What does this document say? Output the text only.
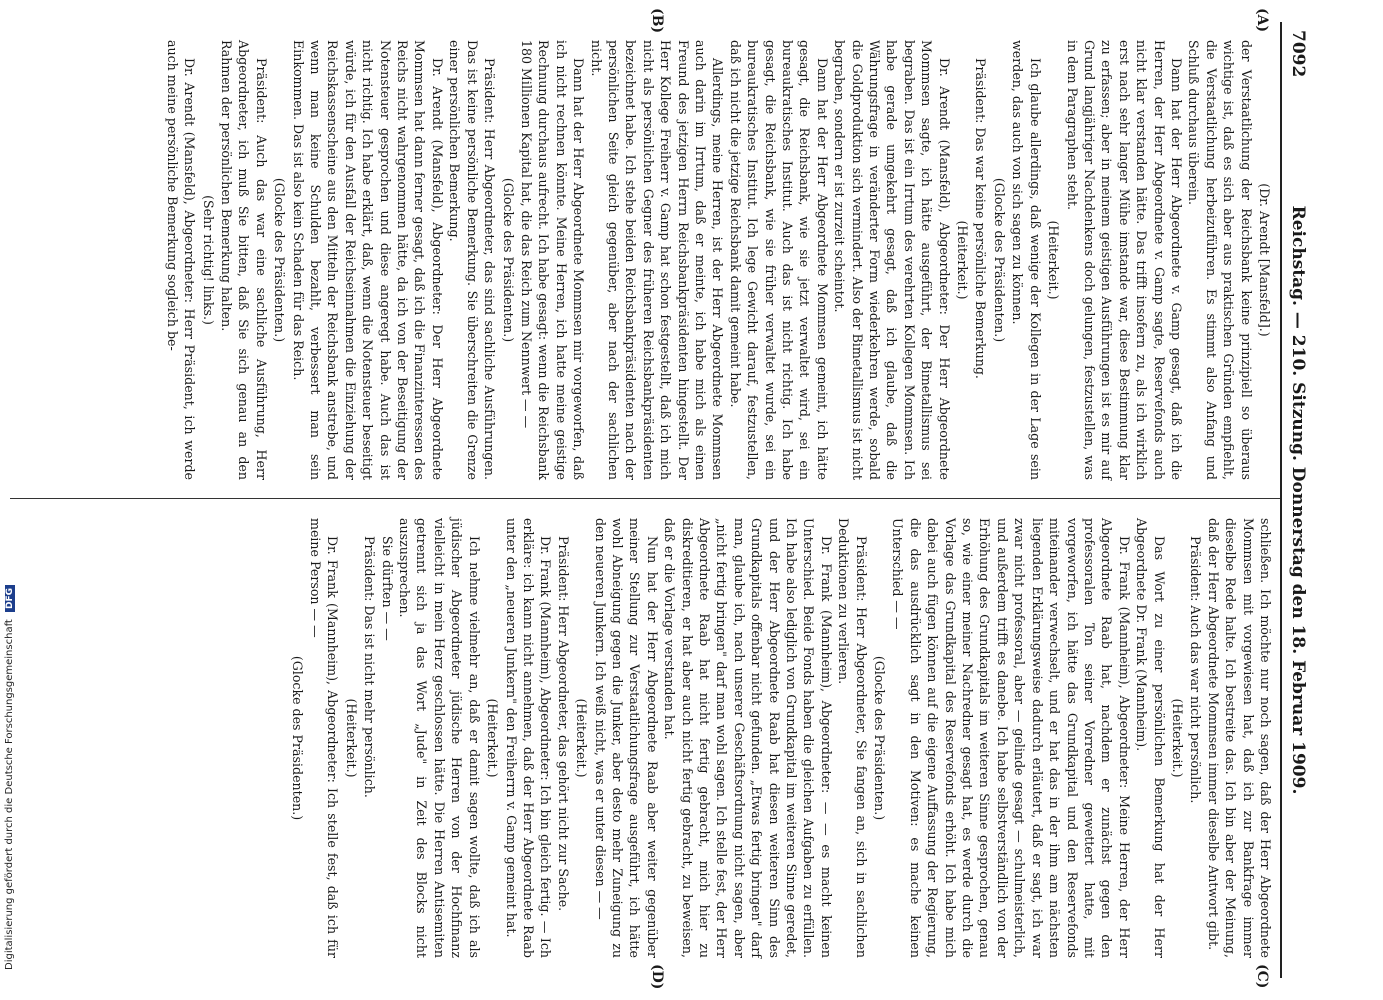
7092
Reichstag. — 210. Sitzung. Donnerstag den 18. Februar 1909.
(A)
(B)
(C)
(D)

(Dr. Arendt [Mansfeld].)

der Verstaatlichung der Reichsbank keine prinzipiell so überaus wichtige ist, daß es sich aber aus praktischen Gründen empfiehlt, die Verstaatlichung herbeizuführen. Es stimmt also Anfang und Schluß durchaus überein.

Dann hat der Herr Abgeordnete v. Gamp gesagt, daß ich die Herren, der Herr Abgeordnete v. Gamp sagte, Reservefonds auch nicht klar verstanden hätte. Das trifft insofern zu, als ich wirklich erst nach sehr langer Mühe imstande war, diese Bestimmung klar zu erfassen; aber in meinem geistigen Ausführungen ist es mir auf Grund langjähriger Nachdenkens doch gelungen, festzustellen, was in dem Paragraphen steht.

(Heiterkeit.)

Ich glaube allerdings, daß wenige der Kollegen in der Lage sein werden, das auch von sich sagen zu können.

(Glocke des Präsidenten.)

Präsident: Das war keine persönliche Bemerkung.

(Heiterkeit.)

Dr. Arendt (Mansfeld), Abgeordneter: Der Herr Abgeordnete Mommsen sagte, ich hätte ausgeführt, der Bimetallismus sei begraben. Das ist ein Irrtum des verehrten Kollegen Mommsen. Ich habe gerade umgekehrt gesagt, daß ich glaube, daß die Währungsfrage in veränderter Form wiederkehren werde, sobald die Goldproduktion sich vermindert. Also der Bimetallismus ist nicht begraben, sondern er ist zurzeit scheintot.

Dann hat der Herr Abgeordnete Mommsen gemeint, ich hätte gesagt, die Reichsbank, wie sie jetzt verwaltet wird, sei ein bureaukratisches Institut. Auch das ist nicht richtig. Ich habe gesagt, die Reichsbank, wie sie früher verwaltet wurde, sei ein bureaukratisches Institut. Ich lege Gewicht darauf, festzustellen, daß ich nicht die jetzige Reichsbank damit gemeint habe.

Allerdings, meine Herren, ist der Herr Abgeordnete Mommsen auch darin im Irrtum, daß er meinte, ich habe mich als einen Freund des jetzigen Herrn Reichsbankpräsidenten hingestellt. Der Herr Kollege Freiherr v. Gamp hat schon festgestellt, daß ich mich nicht als persönlichen Gegner des früheren Reichsbankpräsidenten bezeichnet habe. Ich stehe beiden Reichsbankpräsidenten nach der persönlichen Seite gleich gegenüber, aber nach der sachlichen nicht.

Dann hat der Herr Abgeordnete Mommsen mir vorgeworfen, daß ich nicht rechnen könnte. Meine Herren, ich hatte meine geistige Rechnung durchaus aufrecht. Ich habe gesagt: wenn die Reichsbank 180 Millionen Kapital hat, die das Reich zum Nennwert — —

(Glocke des Präsidenten.)

Präsident: Herr Abgeordneter, das sind sachliche Ausführungen. Das ist keine persönliche Bemerkung. Sie überschreiten die Grenze einer persönlichen Bemerkung.

Dr. Arendt (Mansfeld), Abgeordneter: Der Herr Abgeordnete Mommsen hat dann ferner gesagt, daß ich die Finanzinteressen des Reichs nicht wahrgenommen hätte, da ich von der Beseitigung der Notensteuer gesprochen und diese angeregt habe. Auch das ist nicht richtig. Ich habe erklärt, daß, wenn die Notensteuer beseitigt würde, ich für den Ausfall der Reichseinnahmen die Einziehung der Reichskassenscheine aus den Mitteln der Reichsbank anstrebe, und wenn man keine Schulden bezahlt, verbessert man sein Einkommen. Das ist also kein Schaden für das Reich.

(Glocke des Präsidenten.)

Präsident: Auch das war eine sachliche Ausführung, Herr Abgeordneter, ich muß Sie bitten, daß Sie sich genau an den Rahmen der persönlichen Bemerkung halten.

(Sehr richtig! links.)

Dr. Arendt (Mansfeld), Abgeordneter: Herr Präsident, ich werde auch meine persönliche Bemerkung sogleich be-

schließen. Ich möchte nur noch sagen, daß der Herr Abgeordnete Mommsen mit vorgewiesen hat, daß ich zur Bankfrage immer dieselbe Rede halte. Ich bestreite das. Ich bin aber der Meinung, daß der Herr Abgeordnete Mommsen immer dieselbe Antwort gibt.

Präsident: Auch das war nicht persönlich.

(Heiterkeit.)

Das Wort zu einer persönlichen Bemerkung hat der Herr Abgeordnete Dr. Frank (Mannheim).

Dr. Frank (Mannheim), Abgeordneter: Meine Herren, der Herr Abgeordnete Raab hat, nachdem er zunächst gegen den professoralen Ton seiner Vorredner gewettert hatte, mit vorgeworfen, ich hätte das Grundkapital und den Reservefonds miteinander verwechselt, und er hat das in der ihm am nächsten liegenden Erklärungsweise dadurch erläutert, daß er sagt, ich war zwar nicht professoral, aber — gelinde gesagt — schulmeisterlich, und außerdem trifft es danebe. Ich habe selbstverständlich von der Erhöhung des Grundkapitals im weiteren Sinne gesprochen, genau so, wie einer meiner Nachredner gesagt hat, es werde durch die Vorlage das Grundkapital des Reservefonds erhöht. Ich habe mich dabei auch fügen können auf die eigene Auffassung der Regierung, die das ausdrücklich sagt in den Motiven: es mache keinen Unterschied — —

(Glocke des Präsidenten.)

Präsident: Herr Abgeordneter, Sie fangen an, sich in sachlichen Deduktionen zu verlieren.

Dr. Frank (Mannheim), Abgeordneter: — — es macht keinen Unterschied. Beide Fonds haben die gleichen Aufgaben zu erfüllen. Ich habe also lediglich von Grundkapital im weiteren Sinne geredet, und der Herr Abgeordnete Raab hat diesen weiteren Sinn des Grundkapitals offenbar nicht gefunden. „Etwas fertig bringen" darf man, glaube ich, nach unserer Geschäftsordnung nicht sagen, aber „nicht fertig bringen" darf man wohl sagen. Ich stelle fest, der Herr Abgeordnete Raab hat nicht fertig gebracht, mich hier zu diskreditieren, er hat aber auch nicht fertig gebracht, zu beweisen, daß er die Vorlage verstanden hat.

Nun hat der Herr Abgeordnete Raab aber weiter gegenüber meiner Stellung zur Verstaatlichungsfrage ausgeführt, ich hätte wohl Abneigung gegen die Junker, aber desto mehr Zuneigung zu den neueren Junkern. Ich weiß nicht, was er unter diesen — —

(Heiterkeit.)

Präsident: Herr Abgeordneter, das gehört nicht zur Sache.

Dr. Frank (Mannheim), Abgeordneter: Ich bin gleich fertig. — Ich erkläre: ich kann nicht annehmen, daß der Herr Abgeordnete Raab unter den „neueren Junkern" den Freiherrn v. Gamp gemeint hat.

(Heiterkeit.)

Ich nehme vielmehr an, daß er damit sagen wollte, daß ich als jüdischer Abgeordneter jüdische Herren von der Hochfinanz vielleicht in mein Herz geschlossen hätte. Die Herren Antisemiten getrennt sich ja das Wort „Jude" in Zeit des Blocks nicht auszusprechen.

Sie dürften — —

Präsident: Das ist nicht mehr persönlich.

(Heiterkeit.)

Dr. Frank (Mannheim), Abgeordneter: Ich stelle fest, daß ich für meine Person — —

(Glocke des Präsidenten.)

Digitalisierung gefördert durch die Deutsche Forschungsgemeinschaft DFG
